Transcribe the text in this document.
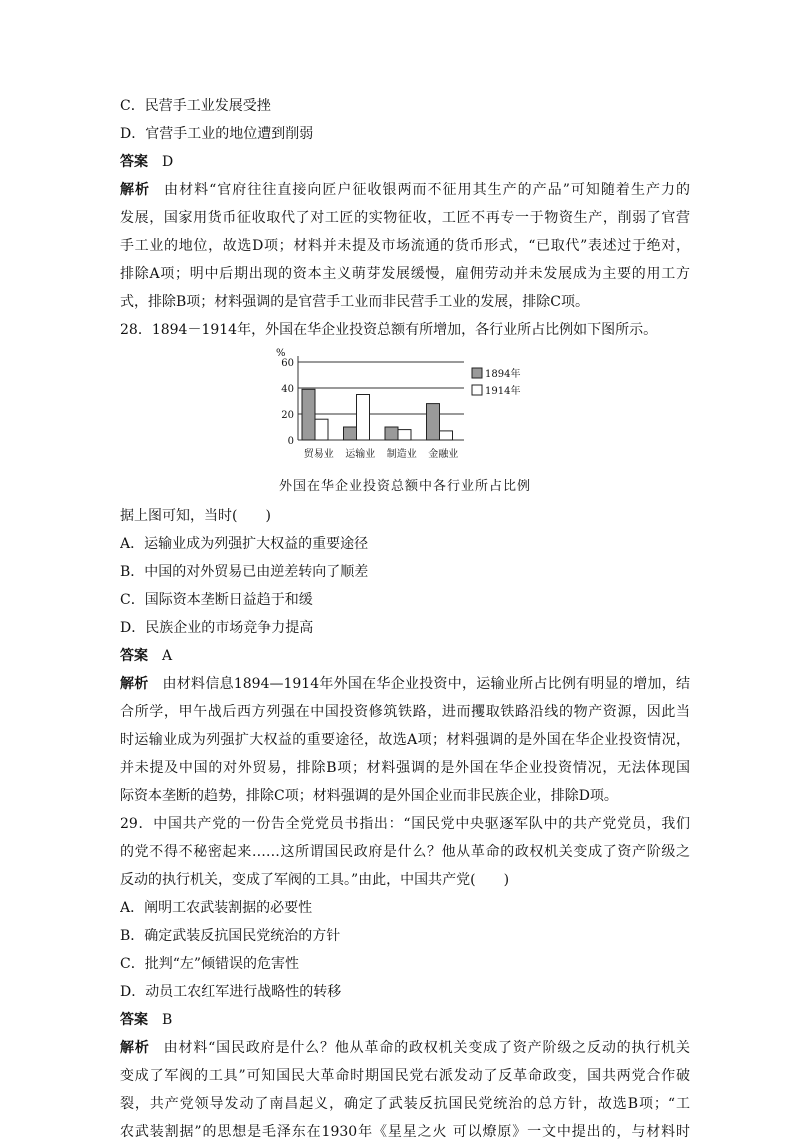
C．民营手工业发展受挫
D．官营手工业的地位遭到削弱
答案 D
解析 由材料“官府往往直接向匠户征收银两而不征用其生产的产品”可知随着生产力的
发展，国家用货币征收取代了对工匠的实物征收，工匠不再专一于物资生产，削弱了官营
手工业的地位，故选D项；材料并未提及市场流通的货币形式，“已取代”表述过于绝对，
排除A项；明中后期出现的资本主义萌芽发展缓慢，雇佣劳动并未发展成为主要的用工方
式，排除B项；材料强调的是官营手工业而非民营手工业的发展，排除C项。
28．1894－1914年，外国在华企业投资总额有所增加，各行业所占比例如下图所示。
%
0
20
40
60
贸易业 运输业 制造业 金融业
1894年
1914年
外国在华企业投资总额中各行业所占比例
据上图可知，当时(　　)
A．运输业成为列强扩大权益的重要途径
B．中国的对外贸易已由逆差转向了顺差
C．国际资本垄断日益趋于和缓
D．民族企业的市场竞争力提高
答案 A
解析 由材料信息1894—1914年外国在华企业投资中，运输业所占比例有明显的增加，结
合所学，甲午战后西方列强在中国投资修筑铁路，进而攫取铁路沿线的物产资源，因此当
时运输业成为列强扩大权益的重要途径，故选A项；材料强调的是外国在华企业投资情况，
并未提及中国的对外贸易，排除B项；材料强调的是外国在华企业投资情况，无法体现国
际资本垄断的趋势，排除C项；材料强调的是外国企业而非民族企业，排除D项。
29．中国共产党的一份告全党党员书指出：“国民党中央驱逐军队中的共产党党员，我们
的党不得不秘密起来……这所谓国民政府是什么？他从革命的政权机关变成了资产阶级之
反动的执行机关，变成了军阀的工具。”由此，中国共产党(　　)
A．阐明工农武装割据的必要性
B．确定武装反抗国民党统治的方针
C．批判“左”倾错误的危害性
D．动员工农红军进行战略性的转移
答案 B
解析 由材料“国民政府是什么？他从革命的政权机关变成了资产阶级之反动的执行机关
变成了军阀的工具”可知国民大革命时期国民党右派发动了反革命政变，国共两党合作破
裂，共产党领导发动了南昌起义，确定了武装反抗国民党统治的总方针，故选B项；“工
农武装割据”的思想是毛泽东在1930年《星星之火 可以燎原》一文中提出的，与材料时
